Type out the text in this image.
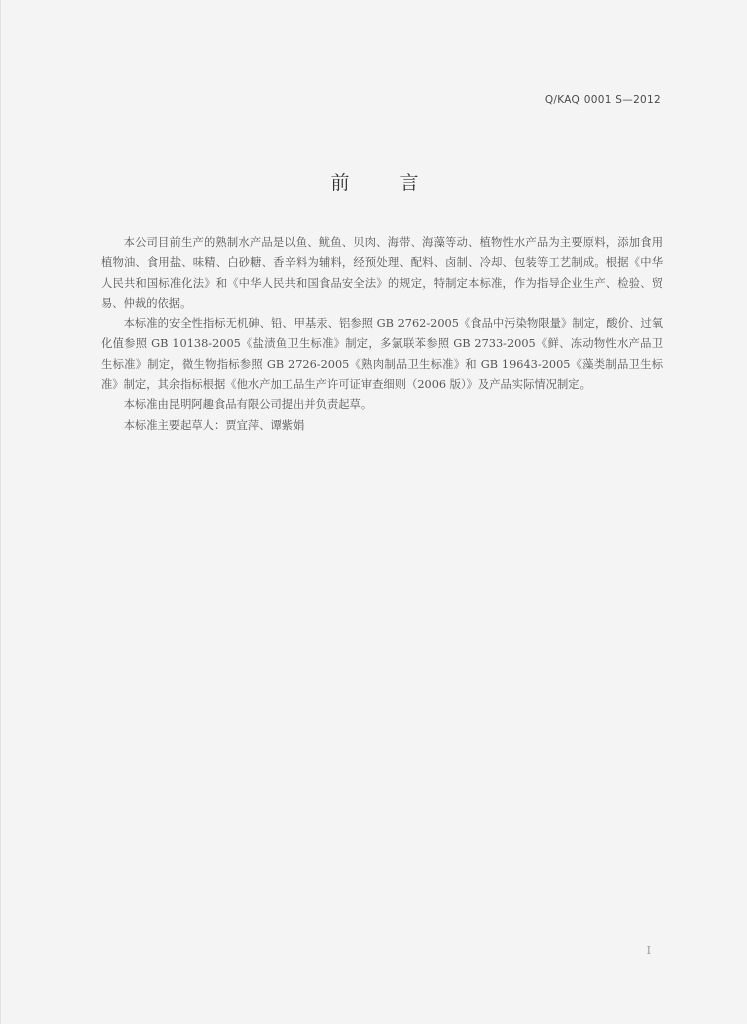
Q/KAQ 0001 S—2012
前 言

本公司目前生产的熟制水产品是以鱼、鱿鱼、贝肉、海带、海藻等动、植物性水产品为主要原料，添加食用植物油、食用盐、味精、白砂糖、香辛料为辅料，经预处理、配料、卤制、冷却、包装等工艺制成。根据《中华人民共和国标准化法》和《中华人民共和国食品安全法》的规定，特制定本标准，作为指导企业生产、检验、贸易、仲裁的依据。

本标准的安全性指标无机砷、铅、甲基汞、铝参照 GB 2762-2005《食品中污染物限量》制定，酸价、过氧化值参照 GB 10138-2005《盐渍鱼卫生标准》制定，多氯联苯参照 GB 2733-2005《鲜、冻动物性水产品卫生标准》制定，微生物指标参照 GB 2726-2005《熟肉制品卫生标准》和 GB 19643-2005《藻类制品卫生标准》制定，其余指标根据《他水产加工品生产许可证审查细则（2006 版）》及产品实际情况制定。

本标准由昆明阿趣食品有限公司提出并负责起草。

本标准主要起草人：贾宜萍、谭紫娟

I
